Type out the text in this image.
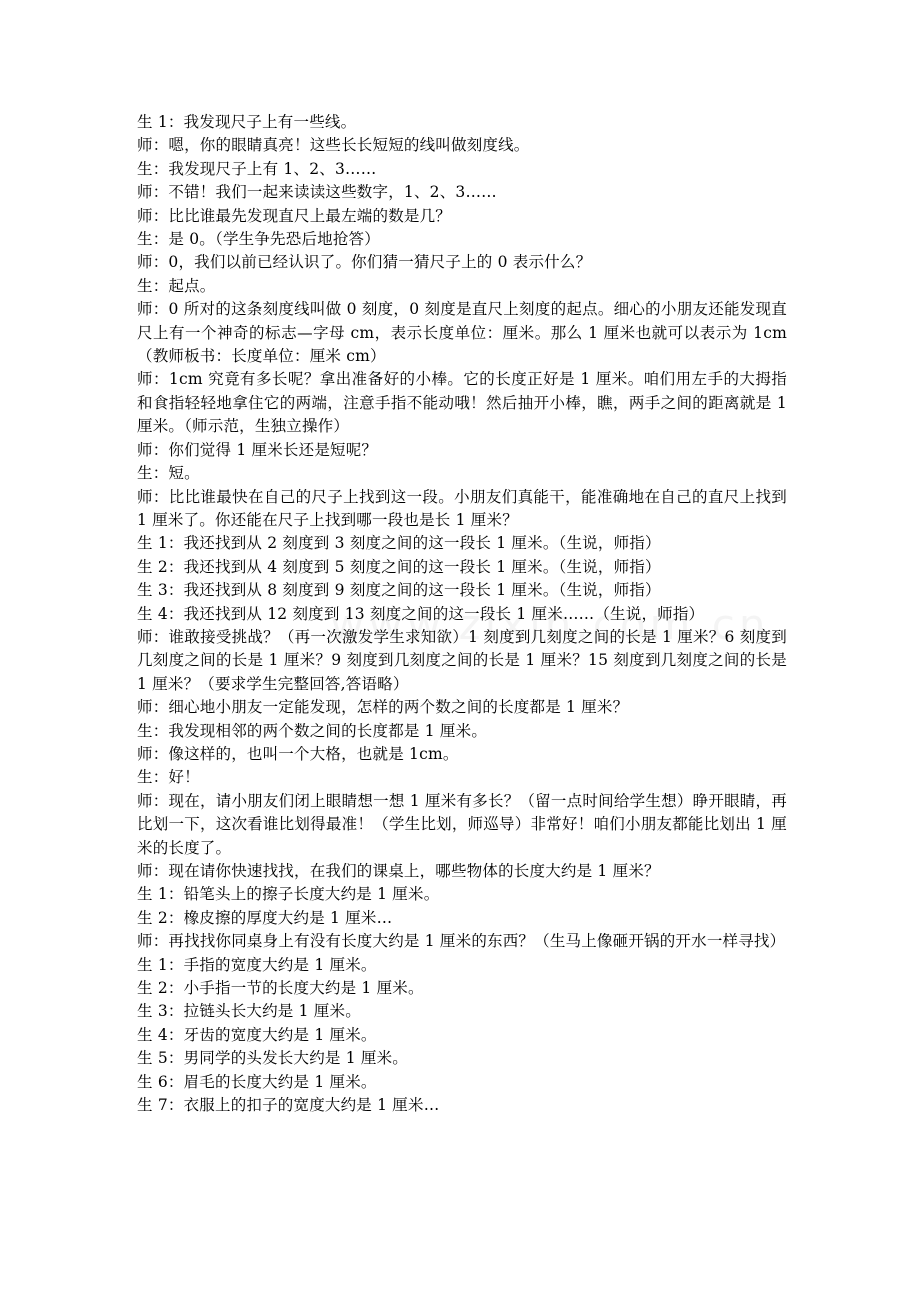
生 1：我发现尺子上有一些线。

师：嗯，你的眼睛真亮！这些长长短短的线叫做刻度线。

生：我发现尺子上有 1、2、3……

师：不错！我们一起来读读这些数字，1、2、3……

师：比比谁最先发现直尺上最左端的数是几？

生：是 0。（学生争先恐后地抢答）

师：0，我们以前已经认识了。你们猜一猜尺子上的 0 表示什么？

生：起点。

师：0 所对的这条刻度线叫做 0 刻度，0 刻度是直尺上刻度的起点。细心的小朋友还能发现直尺上有一个神奇的标志—字母 cm，表示长度单位：厘米。那么 1 厘米也就可以表示为 1cm（教师板书：长度单位：厘米 cm）

师：1cm 究竟有多长呢？拿出准备好的小棒。它的长度正好是 1 厘米。咱们用左手的大拇指和食指轻轻地拿住它的两端，注意手指不能动哦！然后抽开小棒，瞧，两手之间的距离就是 1 厘米。（师示范，生独立操作）

师：你们觉得 1 厘米长还是短呢？

生：短。

师：比比谁最快在自己的尺子上找到这一段。小朋友们真能干，能准确地在自己的直尺上找到 1 厘米了。你还能在尺子上找到哪一段也是长 1 厘米？

生 1：我还找到从 2 刻度到 3 刻度之间的这一段长 1 厘米。（生说，师指）

生 2：我还找到从 4 刻度到 5 刻度之间的这一段长 1 厘米。（生说，师指）

生 3：我还找到从 8 刻度到 9 刻度之间的这一段长 1 厘米。（生说，师指）

生 4：我还找到从 12 刻度到 13 刻度之间的这一段长 1 厘米……（生说，师指）

师：谁敢接受挑战？（再一次激发学生求知欲）1 刻度到几刻度之间的长是 1 厘米？6 刻度到几刻度之间的长是 1 厘米？9 刻度到几刻度之间的长是 1 厘米？15 刻度到几刻度之间的长是 1 厘米？（要求学生完整回答,答语略）

师：细心地小朋友一定能发现，怎样的两个数之间的长度都是 1 厘米？

生：我发现相邻的两个数之间的长度都是 1 厘米。

师：像这样的，也叫一个大格，也就是 1cm。

生：好！

师：现在，请小朋友们闭上眼睛想一想 1 厘米有多长？（留一点时间给学生想）睁开眼睛，再比划一下，这次看谁比划得最准！（学生比划，师巡导）非常好！咱们小朋友都能比划出 1 厘米的长度了。

师：现在请你快速找找，在我们的课桌上，哪些物体的长度大约是 1 厘米？

生 1：铅笔头上的擦子长度大约是 1 厘米。

生 2：橡皮擦的厚度大约是 1 厘米…

师：再找找你同桌身上有没有长度大约是 1 厘米的东西？（生马上像砸开锅的开水一样寻找）

生 1：手指的宽度大约是 1 厘米。

生 2：小手指一节的长度大约是 1 厘米。

生 3：拉链头长大约是 1 厘米。

生 4：牙齿的宽度大约是 1 厘米。

生 5：男同学的头发长大约是 1 厘米。

生 6：眉毛的长度大约是 1 厘米。

生 7：衣服上的扣子的宽度大约是 1 厘米…
